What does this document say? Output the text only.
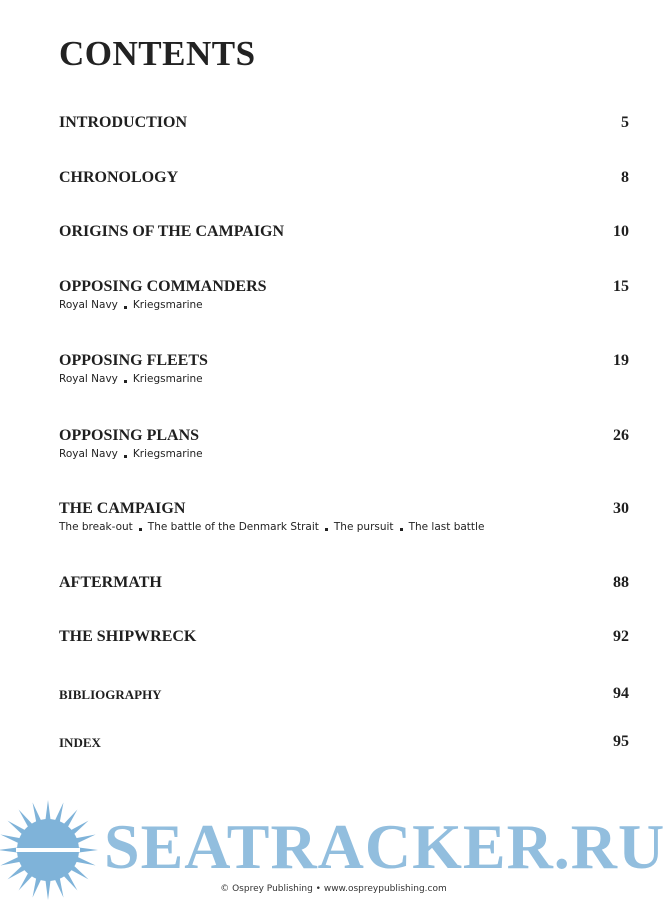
CONTENTS
INTRODUCTION	5
CHRONOLOGY	8
ORIGINS OF THE CAMPAIGN	10
OPPOSING COMMANDERS	15
Royal Navy Kriegsmarine
OPPOSING FLEETS	19
Royal Navy Kriegsmarine
OPPOSING PLANS	26
Royal Navy Kriegsmarine
THE CAMPAIGN	30
The break-out The battle of the Denmark Strait The pursuit The last battle
AFTERMATH	88
THE SHIPWRECK	92
BIBLIOGRAPHY	94
INDEX	95
SEATRACKER.RU
© Osprey Publishing • www.ospreypublishing.com
